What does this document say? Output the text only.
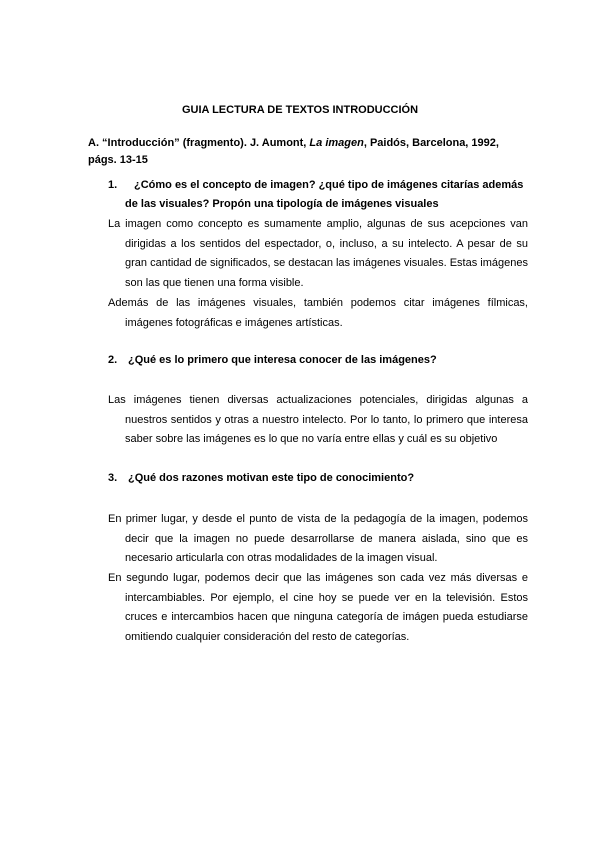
GUIA LECTURA DE TEXTOS INTRODUCCIÓN
A. “Introducción” (fragmento). J. Aumont, La imagen, Paidós, Barcelona, 1992, págs. 13-15
1. ¿Cómo es el concepto de imagen? ¿qué tipo de imágenes citarías además
de las visuales? Propón una tipología de imágenes visuales
La imagen como concepto es sumamente amplio, algunas de sus acepciones van dirigidas a los sentidos del espectador, o, incluso, a su intelecto. A pesar de su gran cantidad de significados, se destacan las imágenes visuales. Estas imágenes son las que tienen una forma visible.
Además de las imágenes visuales, también podemos citar imágenes fílmicas, imágenes fotográficas e imágenes artísticas.
2. ¿Qué es lo primero que interesa conocer de las imágenes?
Las imágenes tienen diversas actualizaciones potenciales, dirigidas algunas a nuestros sentidos y otras a nuestro intelecto. Por lo tanto, lo primero que interesa saber sobre las imágenes es lo que no varía entre ellas y cuál es su objetivo
3. ¿Qué dos razones motivan este tipo de conocimiento?
En primer lugar, y desde el punto de vista de la pedagogía de la imagen, podemos decir que la imagen no puede desarrollarse de manera aislada, sino que es necesario articularla con otras modalidades de la imagen visual.
En segundo lugar, podemos decir que las imágenes son cada vez más diversas e intercambiables. Por ejemplo, el cine hoy se puede ver en la televisión. Estos cruces e intercambios hacen que ninguna categoría de imágen pueda estudiarse omitiendo cualquier consideración del resto de categorías.
